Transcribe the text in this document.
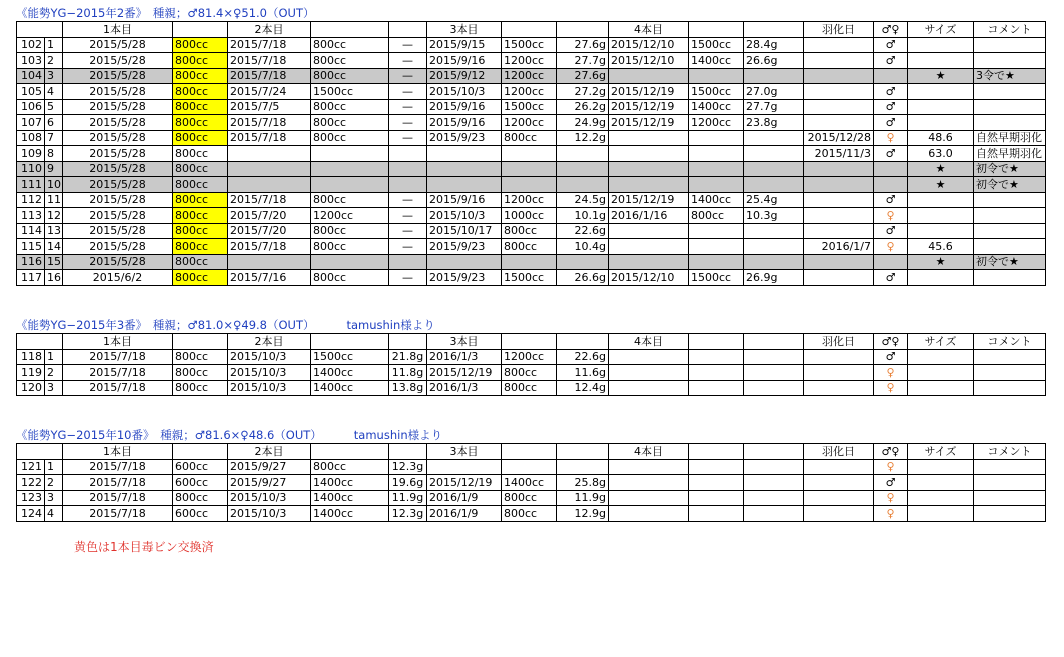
《能勢YG−2015年2番》　種親；♂81.4×♀51.0（OUT）
		1本目		2本目			3本目			4本目			羽化日	♂♀	サイズ	コメント
102	1	2015/5/28	800cc	2015/7/18	800cc	—	2015/9/15	1500cc	27.6g	2015/12/10	1500cc	28.4g		♂		
103	2	2015/5/28	800cc	2015/7/18	800cc	—	2015/9/16	1200cc	27.7g	2015/12/10	1400cc	26.6g		♂		
104	3	2015/5/28	800cc	2015/7/18	800cc	—	2015/9/12	1200cc	27.6g						★	3令で★
105	4	2015/5/28	800cc	2015/7/24	1500cc	—	2015/10/3	1200cc	27.2g	2015/12/19	1500cc	27.0g		♂		
106	5	2015/5/28	800cc	2015/7/5	800cc	—	2015/9/16	1500cc	26.2g	2015/12/19	1400cc	27.7g		♂		
107	6	2015/5/28	800cc	2015/7/18	800cc	—	2015/9/16	1200cc	24.9g	2015/12/19	1200cc	23.8g		♂		
108	7	2015/5/28	800cc	2015/7/18	800cc	—	2015/9/23	800cc	12.2g				2015/12/28	♀	48.6	自然早期羽化
109	8	2015/5/28	800cc										2015/11/3	♂	63.0	自然早期羽化
110	9	2015/5/28	800cc												★	初令で★
111	10	2015/5/28	800cc												★	初令で★
112	11	2015/5/28	800cc	2015/7/18	800cc	—	2015/9/16	1200cc	24.5g	2015/12/19	1400cc	25.4g		♂		
113	12	2015/5/28	800cc	2015/7/20	1200cc	—	2015/10/3	1000cc	10.1g	2016/1/16	800cc	10.3g		♀		
114	13	2015/5/28	800cc	2015/7/20	800cc	—	2015/10/17	800cc	22.6g					♂		
115	14	2015/5/28	800cc	2015/7/18	800cc	—	2015/9/23	800cc	10.4g				2016/1/7	♀	45.6	
116	15	2015/5/28	800cc												★	初令で★
117	16	2015/6/2	800cc	2015/7/16	800cc	—	2015/9/23	1500cc	26.6g	2015/12/10	1500cc	26.9g		♂		
《能勢YG−2015年3番》　種親；♂81.0×♀49.8（OUT）	tamushin様より
		1本目		2本目			3本目			4本目			羽化日	♂♀	サイズ	コメント
118	1	2015/7/18	800cc	2015/10/3	1500cc	21.8g	2016/1/3	1200cc	22.6g					♂		
119	2	2015/7/18	800cc	2015/10/3	1400cc	11.8g	2015/12/19	800cc	11.6g					♀		
120	3	2015/7/18	800cc	2015/10/3	1400cc	13.8g	2016/1/3	800cc	12.4g					♀		
《能勢YG−2015年10番》　種親；♂81.6×♀48.6（OUT）	tamushin様より
		1本目		2本目			3本目			4本目			羽化日	♂♀	サイズ	コメント
121	1	2015/7/18	600cc	2015/9/27	800cc	12.3g								♀		
122	2	2015/7/18	600cc	2015/9/27	1400cc	19.6g	2015/12/19	1400cc	25.8g					♂		
123	3	2015/7/18	800cc	2015/10/3	1400cc	11.9g	2016/1/9	800cc	11.9g					♀		
124	4	2015/7/18	600cc	2015/10/3	1400cc	12.3g	2016/1/9	800cc	12.9g					♀		
黄色は1本目毒ビン交換済
